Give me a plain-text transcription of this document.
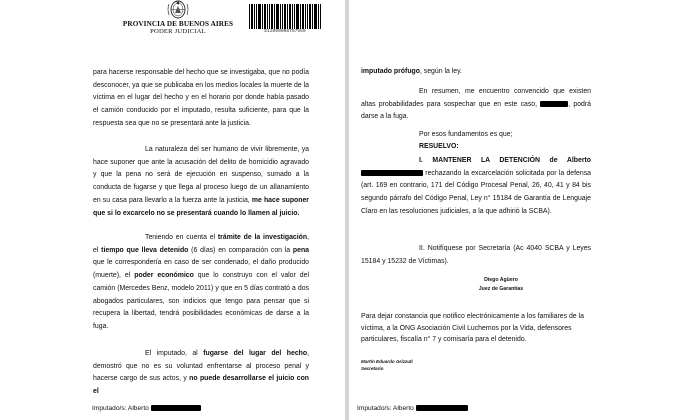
PROVINCIA DE BUENOS AIRES
PODER JUDICIAL	E13000008767959

para hacerse responsable del hecho que se investigaba, que no podía desconocer, ya que se publicaba en los medios locales la muerte de la víctima en el lugar del hecho y en el horario por donde había pasado el camión conducido por el imputado, resulta suficiente, para que la respuesta sea que no se presentará ante la justicia.

La naturaleza del ser humano de vivir libremente, ya hace suponer que ante la acusación del delito de homicidio agravado y que la pena no será de ejecución en suspenso, sumado a la conducta de fugarse y que llega al proceso luego de un allanamiento en su casa para llevarlo a la fuerza ante la justicia, me hace suponer que si lo excarcelo no se presentará cuando lo llamen al juicio.

Teniendo en cuenta el trámite de la investigación, el tiempo que lleva detenido (6 días) en comparación con la pena que le correspondería en caso de ser condenado, el daño producido (muerte), el poder económico que lo construyo con el valor del camión (Mercedes Benz, modelo 2011) y que en 5 días contrató a dos abogados particulares, son indicios que tengo para pensar que si recupera la libertad, tendrá posibilidades económicas de darse a la fuga.

El imputado, al fugarse del lugar del hecho, demostró que no es su voluntad enfrentarse al proceso penal y hacerse cargo de sus actos, y no puede desarrollarse el juicio con el

Imputado/s: Alberto

imputado prófugo, según la ley.

En resumen, me encuentro convencido que existen altas probabilidades para sospechar que en este caso,	, podrá darse a la fuga.

Por esos fundamentos es que;

RESUELVO:

I. MANTENER LA DETENCIÓN de Alberto  rechazando la excarcelación solicitada por la defensa (art. 169 en contrario, 171 del Código Procesal Penal, 26, 40, 41 y 84 bis segundo párrafo del Código Penal, Ley n° 15184 de Garantía de Lenguaje Claro en las resoluciones judiciales, a la que adhirió la SCBA).

II. Notifíquese por Secretaría (Ac 4040 SCBA y Leyes 15184 y 15232 de Víctimas).

Diego Agüero
Juez de Garantías

Para dejar constancia que notifico electrónicamente a los familiares de la víctima, a la ONG Asociación Civil Luchemos por la Vida, defensores particulares, fiscalía n° 7 y comisaría para el detenido.

Martín Eduardo Grizzuti
Secretario
Imputado/s: Alberto
